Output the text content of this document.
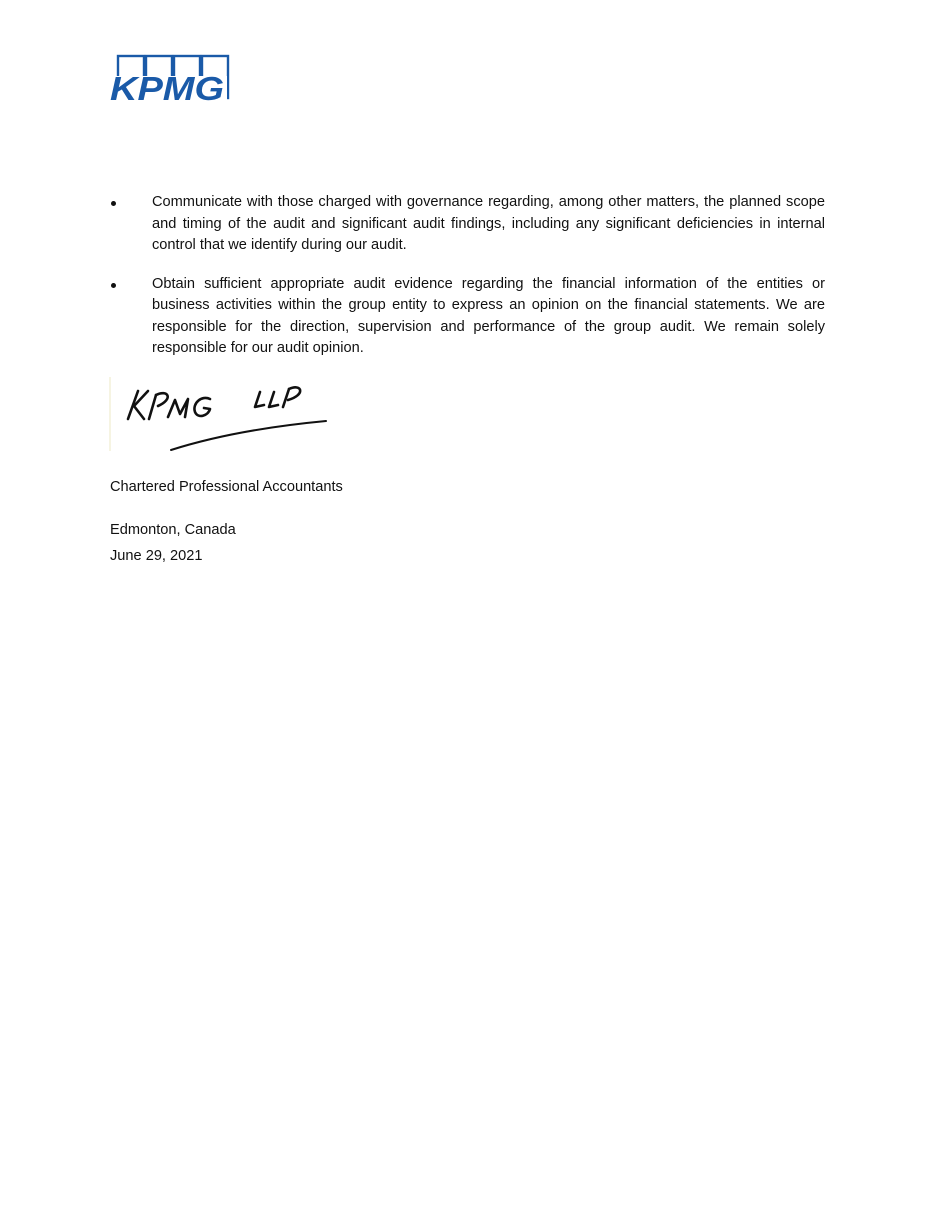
KPMG
Communicate with those charged with governance regarding, among other matters, the planned scope and timing of the audit and significant audit findings, including any significant deficiencies in internal control that we identify during our audit.
Obtain sufficient appropriate audit evidence regarding the financial information of the entities or business activities within the group entity to express an opinion on the financial statements. We are responsible for the direction, supervision and performance of the group audit. We remain solely responsible for our audit opinion.
Chartered Professional Accountants
Edmonton, Canada
June 29, 2021
